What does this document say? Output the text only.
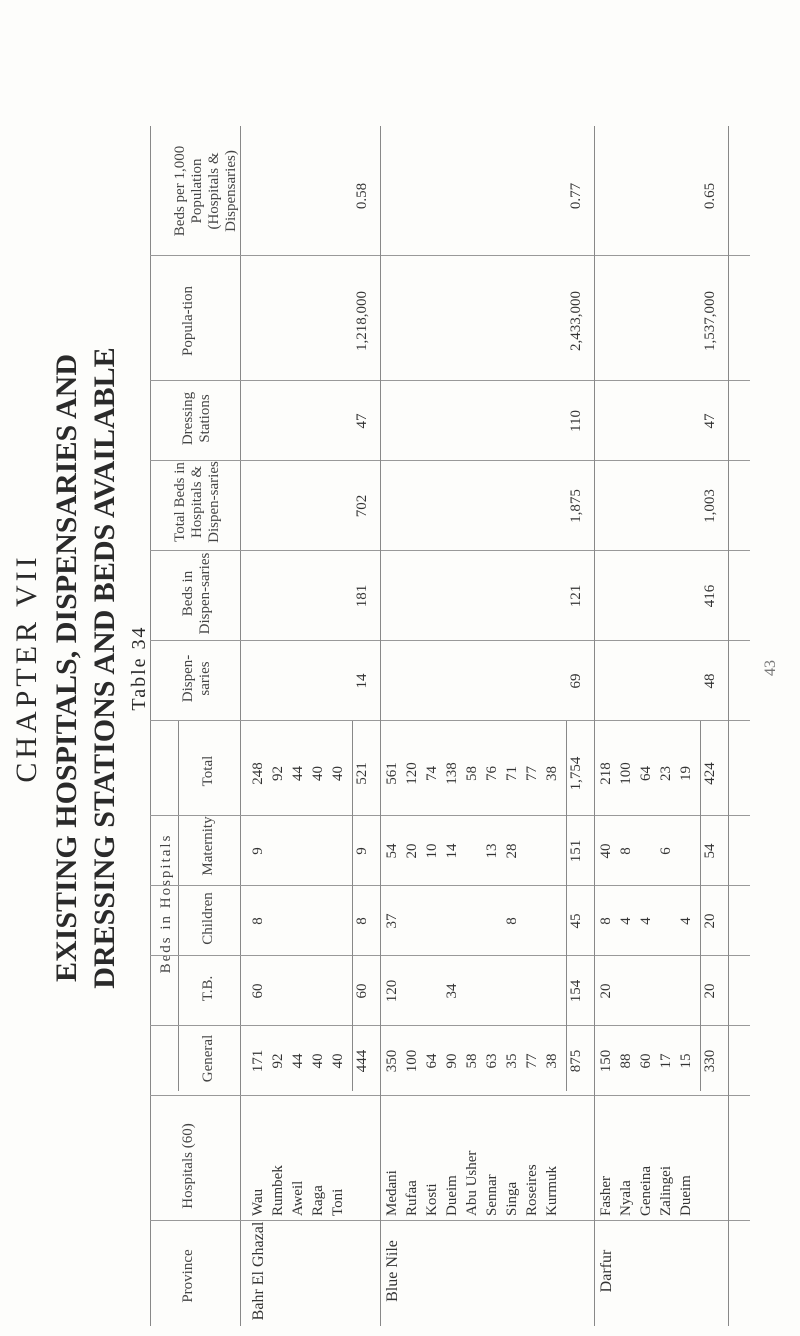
CHAPTER VII EXISTING HOSPITALS, DISPENSARIES AND DRESSING STATIONS AND BEDS AVAILABLE Table 34
Beds in Hospitals
Province
Hospitals (60)
General
T.B.
Children
Maternity
Total
Dispen-saries
Beds in Dispen-saries
Total Beds in Hospitals & Dispen-saries
Dressing Stations
Popula-tion
Beds per 1,000 Population (Hospitals & Dispensaries)
Bahr El Ghazal
Wau
171
60
8
9
248
Rumbek
92
92
Aweil
44
44
Raga
40
40
Toni
40
40
444
60
8
9
521
14
181
702
47
1,218,000
0.58
Blue Nile
Medani
350
120
37
54
561
Rufaa
100
20
120
Kosti
64
10
74
Dueim
90
34
14
138
Abu Usher
58
58
Sennar
63
13
76
Singa
35
8
28
71
Roseires
77
77
Kurmuk
38
38
875
154
45
151
1,754
69
121
1,875
110
2,433,000
0.77
Darfur
Fasher
150
20
8
40
218
Nyala
88
4
8
100
Geneina
60
4
64
Zalingei
17
6
23
Dueim
15
4
19
330
20
20
54
424
48
416
1,003
47
1,537,000
0.65
43
